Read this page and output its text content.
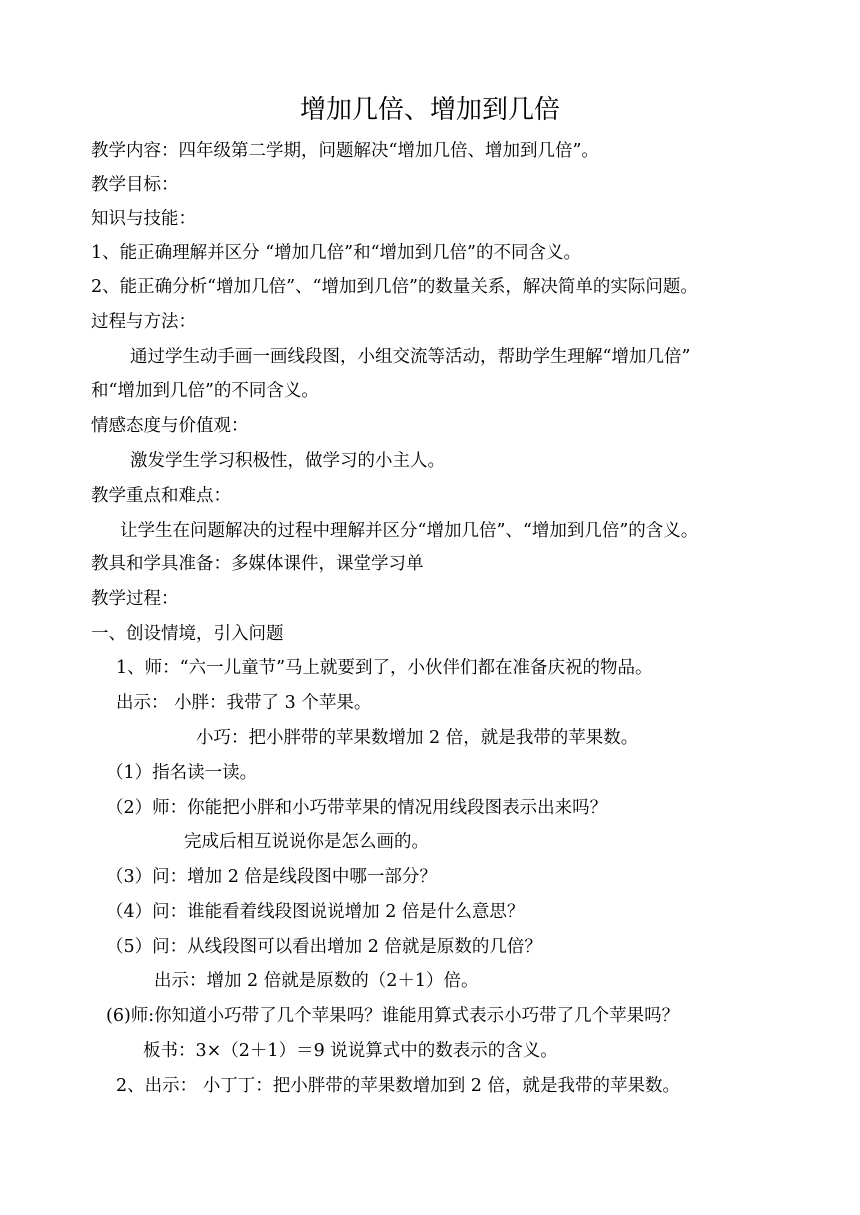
增加几倍、增加到几倍
教学内容：四年级第二学期，问题解决“增加几倍、增加到几倍”。
教学目标：
知识与技能：
1、能正确理解并区分 “增加几倍”和“增加到几倍”的不同含义。
2、能正确分析“增加几倍”、“增加到几倍”的数量关系，解决简单的实际问题。
过程与方法：
通过学生动手画一画线段图，小组交流等活动，帮助学生理解“增加几倍”
和“增加到几倍”的不同含义。
情感态度与价值观：
激发学生学习积极性，做学习的小主人。
教学重点和难点：
让学生在问题解决的过程中理解并区分“增加几倍”、“增加到几倍”的含义。
教具和学具准备：多媒体课件，课堂学习单
教学过程：
一、创设情境，引入问题
1、师：“六一儿童节”马上就要到了，小伙伴们都在准备庆祝的物品。
出示： 小胖：我带了 3 个苹果。
小巧：把小胖带的苹果数增加 2 倍，就是我带的苹果数。
（1）指名读一读。
（2）师：你能把小胖和小巧带苹果的情况用线段图表示出来吗？
完成后相互说说你是怎么画的。
（3）问：增加 2 倍是线段图中哪一部分？
（4）问：谁能看着线段图说说增加 2 倍是什么意思？
（5）问：从线段图可以看出增加 2 倍就是原数的几倍？
出示：增加 2 倍就是原数的（2＋1）倍。
(6)师:你知道小巧带了几个苹果吗？谁能用算式表示小巧带了几个苹果吗？
板书：3×（2＋1）＝9 说说算式中的数表示的含义。
2、出示： 小丁丁：把小胖带的苹果数增加到 2 倍，就是我带的苹果数。
